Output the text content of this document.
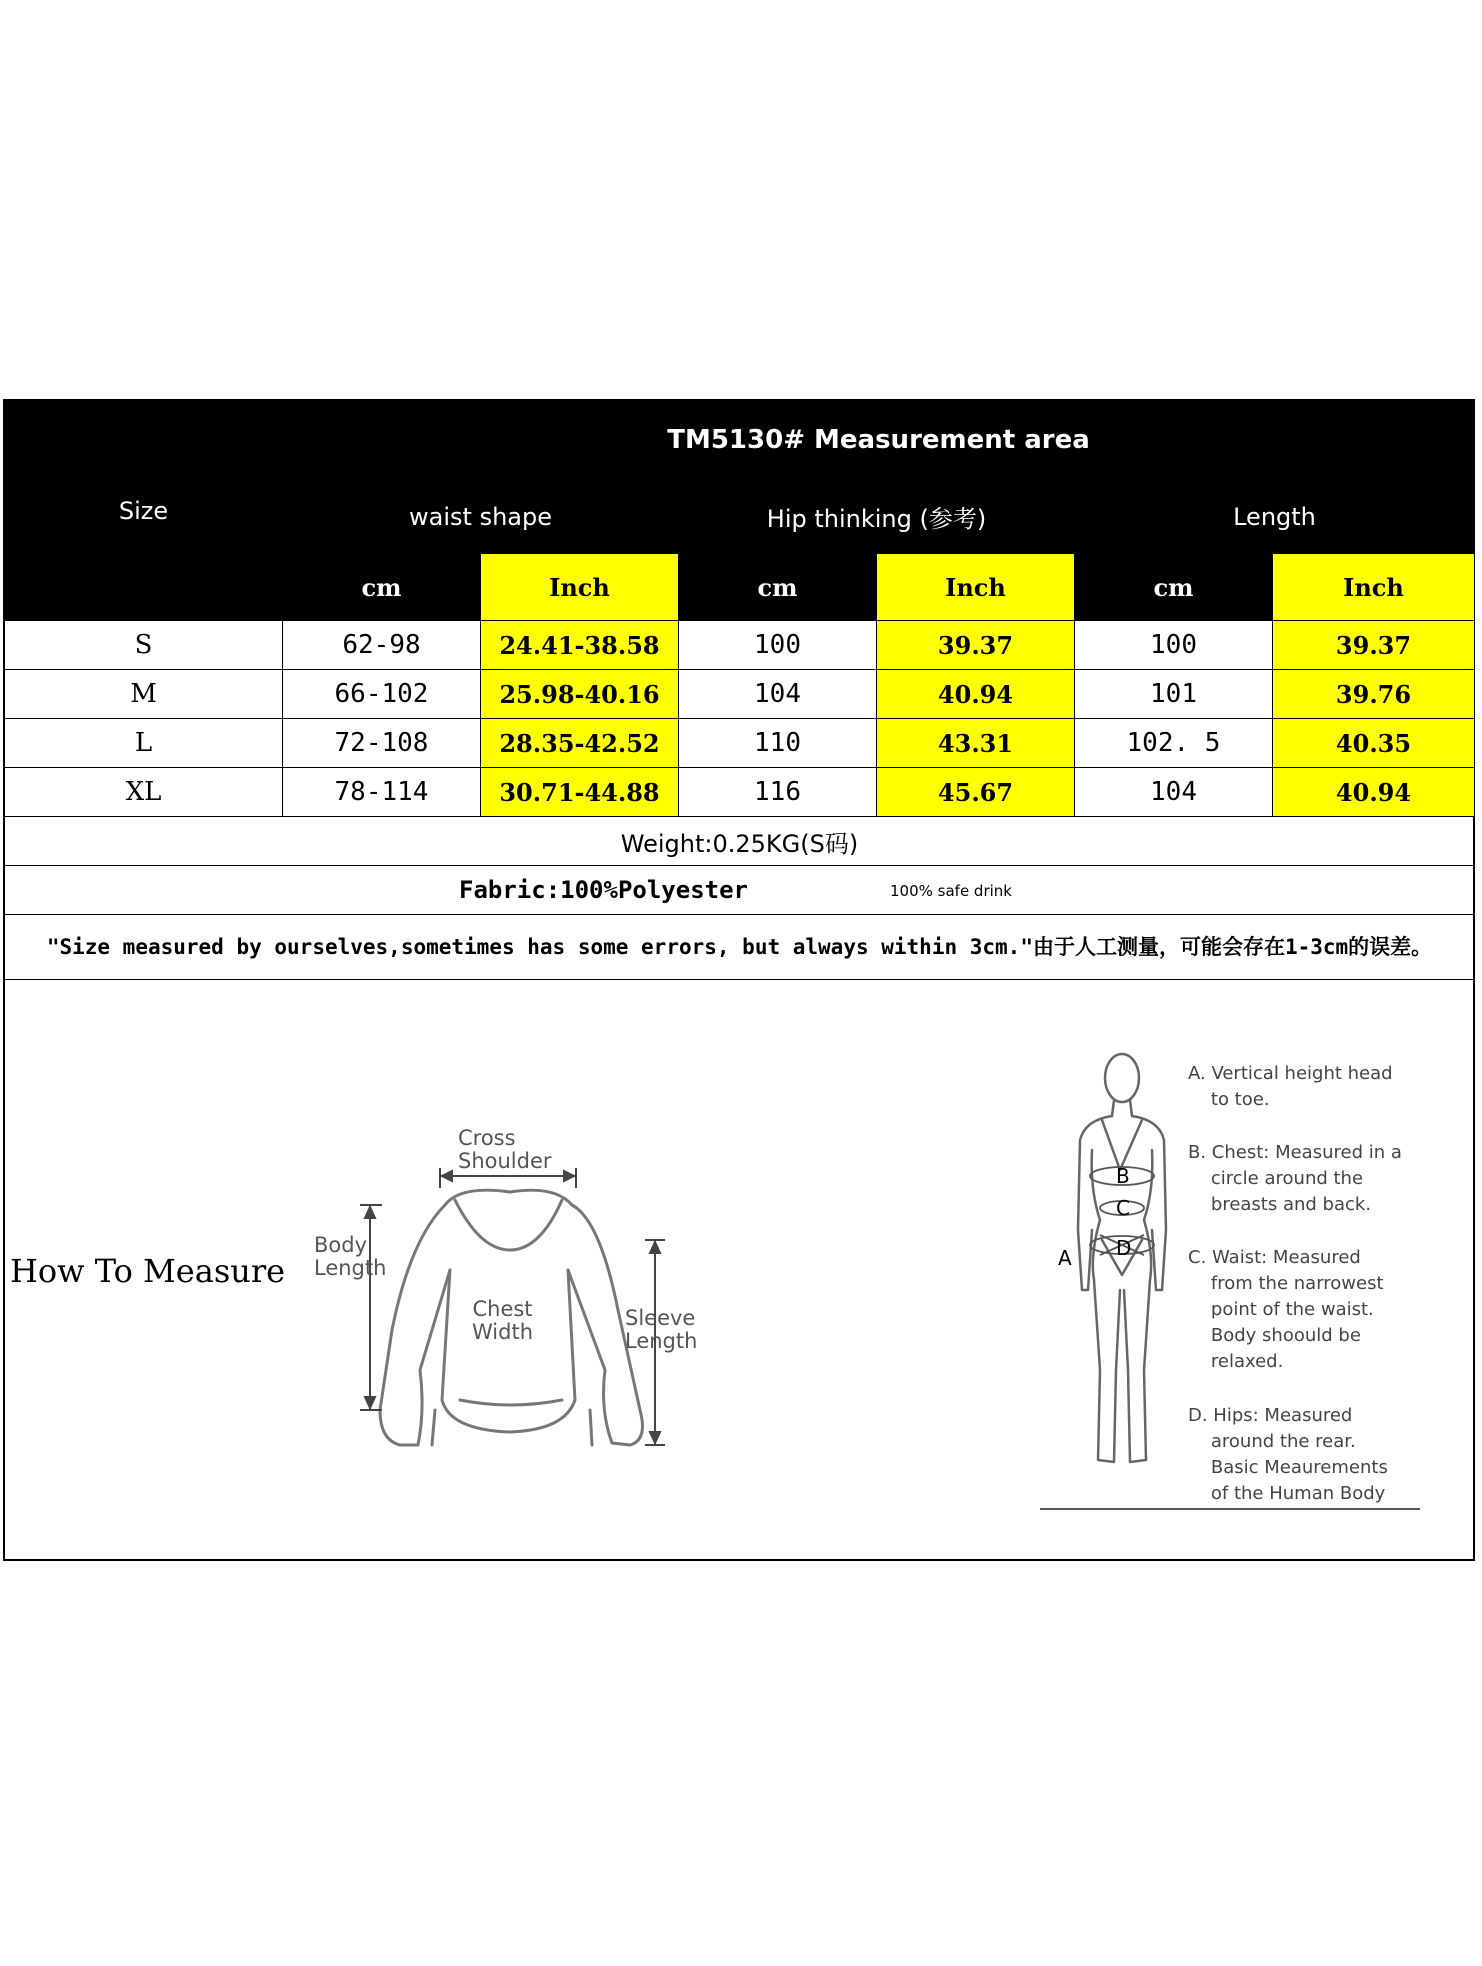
Size	TM5130# Measurement area					
	waist shape		Hip thinking (参考)		Length	
	cm	Inch	cm	Inch	cm	Inch
S	62-98	24.41-38.58	100	39.37	100	39.37
M	66-102	25.98-40.16	104	40.94	101	39.76
L	72-108	28.35-42.52	110	43.31	102. 5	40.35
XL	78-114	30.71-44.88	116	45.67	104	40.94
Weight:0.25KG(S码)						

Fabric:100%Polyester 100% safe drink						

"Size measured by ourselves,sometimes has some errors, but always within 3cm."由于人工测量，可能会存在1-3cm的误差。						
How To Measure
Cross
Shoulder
Body
Length
Chest
Width
Sleeve
Length
B
C
D
A
A. Vertical height head
to toe.
B. Chest: Measured in a
circle around the
breasts and back.
C. Waist: Measured
from the narrowest
point of the waist.
Body shoould be
relaxed.
D. Hips: Measured
around the rear.
Basic Meaurements
of the Human Body
